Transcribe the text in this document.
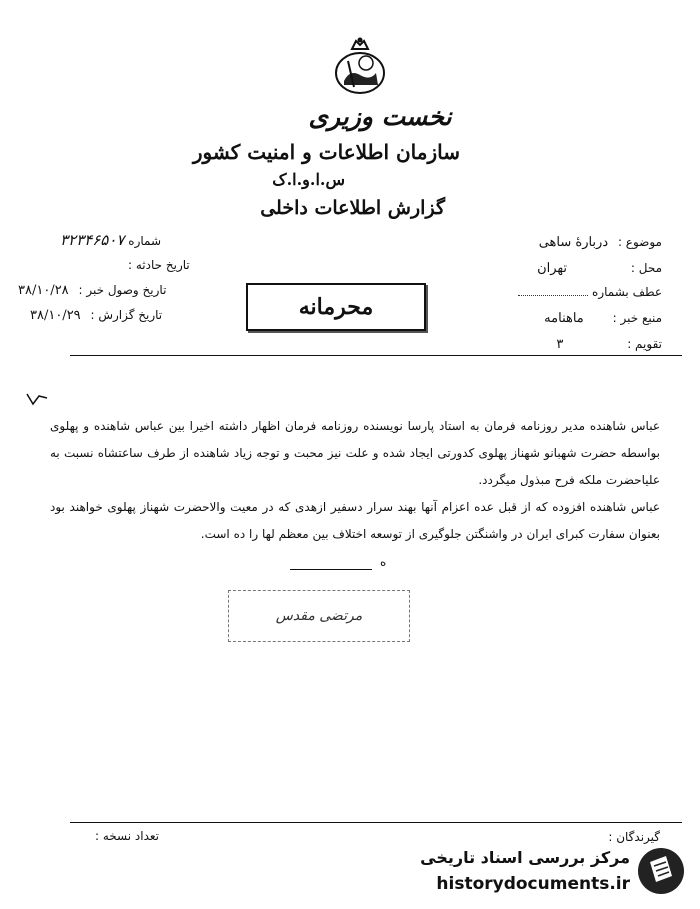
نخست وزیری
سازمان اطلاعات و امنیت کشور
س.ا.و.ا.ک
گزارش اطلاعات داخلی
موضوع : دربارهٔ ساهی
محل : تهران
عطف بشماره
منبع خبر : ماهنامه
تقویم : ۳
محرمانه
شماره ۳۲۳۴۶۵۰۷
تاریخ حادثه :
تاریخ وصول خبر : ۳۸/۱۰/۲۸
تاریخ گزارش : ۳۸/۱۰/۲۹

عباس شاهنده مدیر روزنامه فرمان به استاد پارسا نویسنده روزنامه فرمان اظهار داشته اخیرا بین عباس شاهنده و پهلوی بواسطه حضرت شهبانو شهناز پهلوی کدورتی ایجاد شده و علت نیز محبت و توجه زیاد شاهنده از طرف ساعتشاه نسبت به علیاحضرت ملکه فرح مبذول میگردد.

عباس شاهنده افزوده که از قبل عده اعزام آنها بهند سرار دسفیر ازهدی که در معیت والاحضرت شهناز پهلوی خواهند بود بعنوان سفارت کبرای ایران در واشنگتن جلوگیری از توسعه اختلاف بین معظم لها را ده است.

ه
مرتضی مقدس
گیرندگان :
تعداد نسخه :
مرکز بررسی اسناد تاریخی
historydocuments.ir
